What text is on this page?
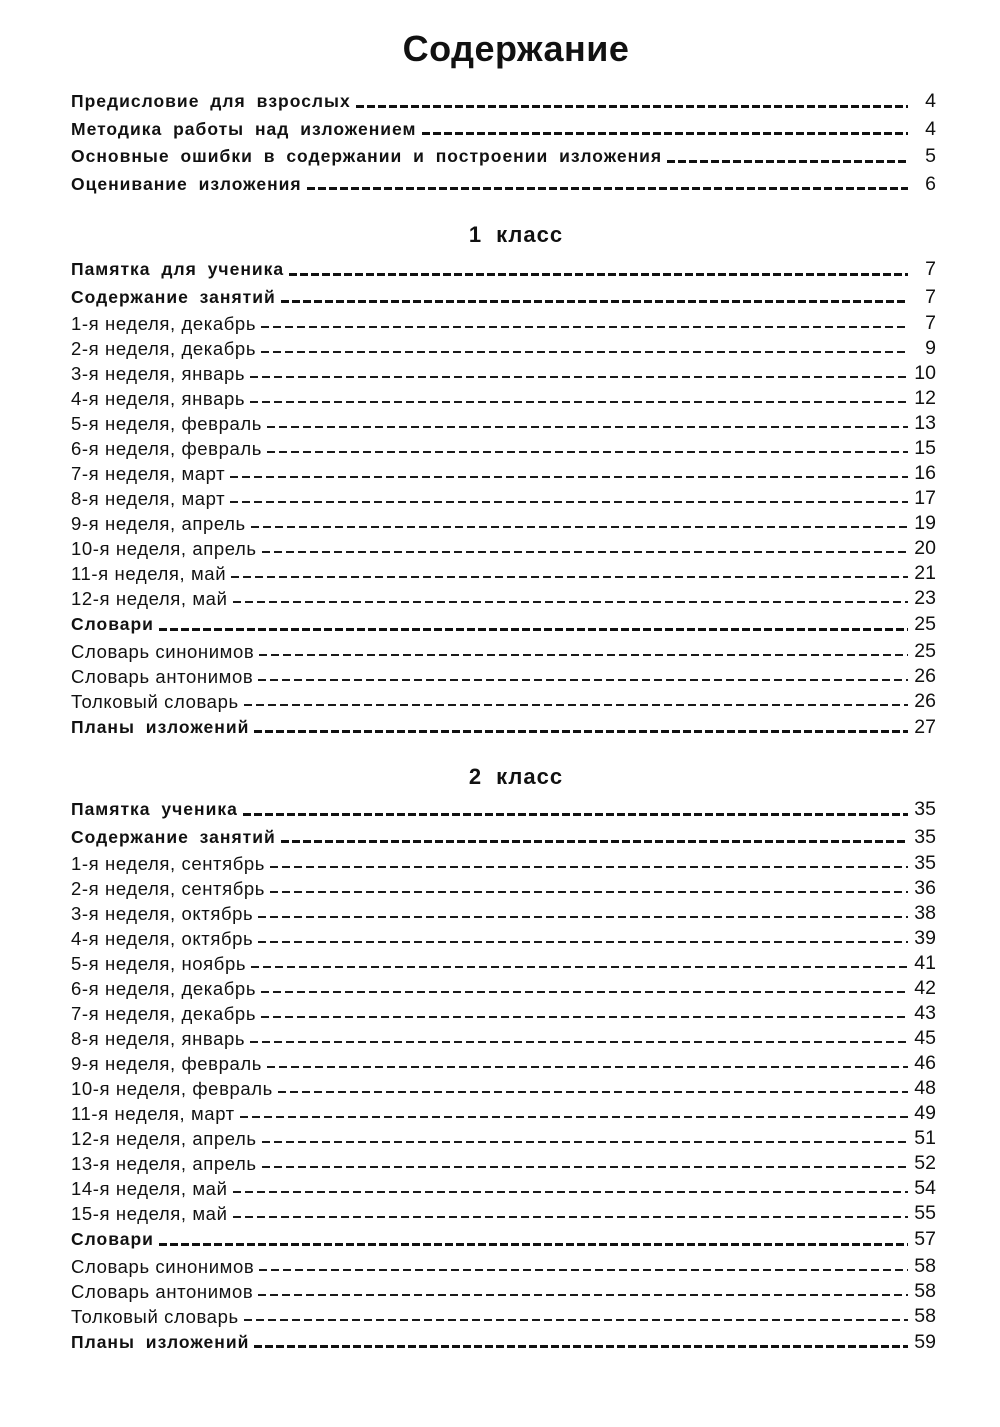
Содержание
Предисловие для взрослых	4
Методика работы над изложением	4
Основные ошибки в содержании и построении изложения	5
Оценивание изложения	6
1 класс
Памятка для ученика	7
Содержание занятий	7
1-я неделя, декабрь	7
2-я неделя, декабрь	9
3-я неделя, январь	10
4-я неделя, январь	12
5-я неделя, февраль	13
6-я неделя, февраль	15
7-я неделя, март	16
8-я неделя, март	17
9-я неделя, апрель	19
10-я неделя, апрель	20
11-я неделя, май	21
12-я неделя, май	23
Словари	25
Словарь синонимов	25
Словарь антонимов	26
Толковый словарь	26
Планы изложений	27
2 класс
Памятка ученика	35
Содержание занятий	35
1-я неделя, сентябрь	35
2-я неделя, сентябрь	36
3-я неделя, октябрь	38
4-я неделя, октябрь	39
5-я неделя, ноябрь	41
6-я неделя, декабрь	42
7-я неделя, декабрь	43
8-я неделя, январь	45
9-я неделя, февраль	46
10-я неделя, февраль	48
11-я неделя, март	49
12-я неделя, апрель	51
13-я неделя, апрель	52
14-я неделя, май	54
15-я неделя, май	55
Словари	57
Словарь синонимов	58
Словарь антонимов	58
Толковый словарь	58
Планы изложений	59
